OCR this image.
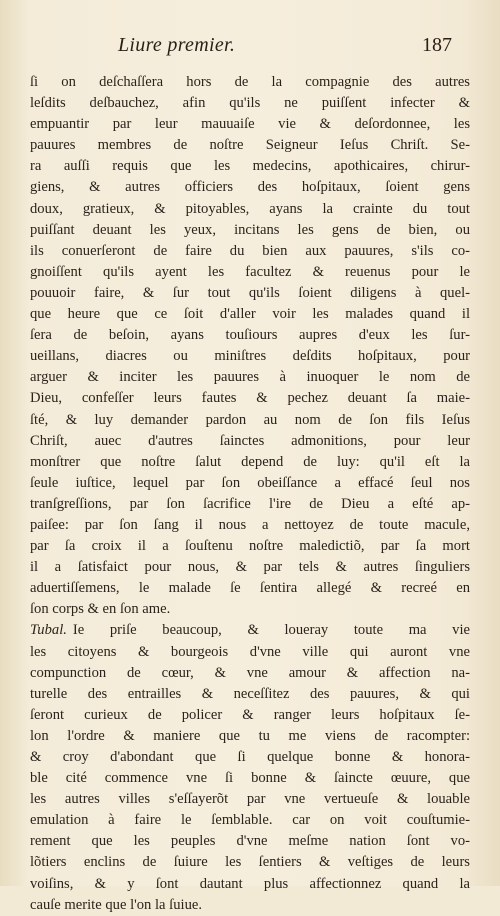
Liure premier.	187
ſi on deſchaſſera hors de la compagnie des autres
leſdits deſbauchez, afin qu'ils ne puiſſent infecter &
empuantir par leur mauuaiſe vie & deſordonnee, les
pauures membres de noſtre Seigneur Ieſus Chriſt. Se-
ra auſſi requis que les medecins, apothicaires, chirur-
giens, & autres officiers des hoſpitaux, ſoient gens
doux, gratieux, & pitoyables, ayans la crainte du tout
puiſſant deuant les yeux, incitans les gens de bien, ou
ils conuerſeront de faire du bien aux pauures, s'ils co-
gnoiſſent qu'ils ayent les facultez & reuenus pour le
pouuoir faire, & ſur tout qu'ils ſoient diligens à quel-
que heure que ce ſoit d'aller voir les malades quand il
ſera de beſoin, ayans touſiours aupres d'eux les ſur-
ueillans, diacres ou miniſtres deſdits hoſpitaux, pour
arguer & inciter les pauures à inuoquer le nom de
Dieu, confeſſer leurs fautes & pechez deuant ſa maie-
ſté, & luy demander pardon au nom de ſon fils Ieſus
Chriſt, auec d'autres ſainctes admonitions, pour leur
monſtrer que noſtre ſalut depend de luy: qu'il eſt la
ſeule iuſtice, lequel par ſon obeiſſance a effacé ſeul nos
tranſgreſſions, par ſon ſacrifice l'ire de Dieu a eſté ap-
paiſee: par ſon ſang il nous a nettoyez de toute macule,
par ſa croix il a ſouſtenu noſtre maledictiõ, par ſa mort
il a ſatisfaict pour nous, & par tels & autres ſinguliers
aduertiſſemens, le malade ſe ſentira allegé & recreé en
ſon corps & en ſon ame.
Tubal. Ie priſe beaucoup, & loueray toute ma vie
les citoyens & bourgeois d'vne ville qui auront vne
compunction de cœur, & vne amour & affection na-
turelle des entrailles & neceſſitez des pauures, & qui
ſeront curieux de policer & ranger leurs hoſpitaux ſe-
lon l'ordre & maniere que tu me viens de racompter:
& croy d'abondant que ſi quelque bonne & honora-
ble cité commence vne ſi bonne & ſaincte œuure, que
les autres villes s'eſſayerõt par vne vertueuſe & louable
emulation à faire le ſemblable. car on voit couſtumie-
rement que les peuples d'vne meſme nation ſont vo-
lõtiers enclins de ſuiure les ſentiers & veſtiges de leurs
voiſins, & y ſont dautant plus affectionnez quand la
cauſe merite que l'on la ſuiue.
